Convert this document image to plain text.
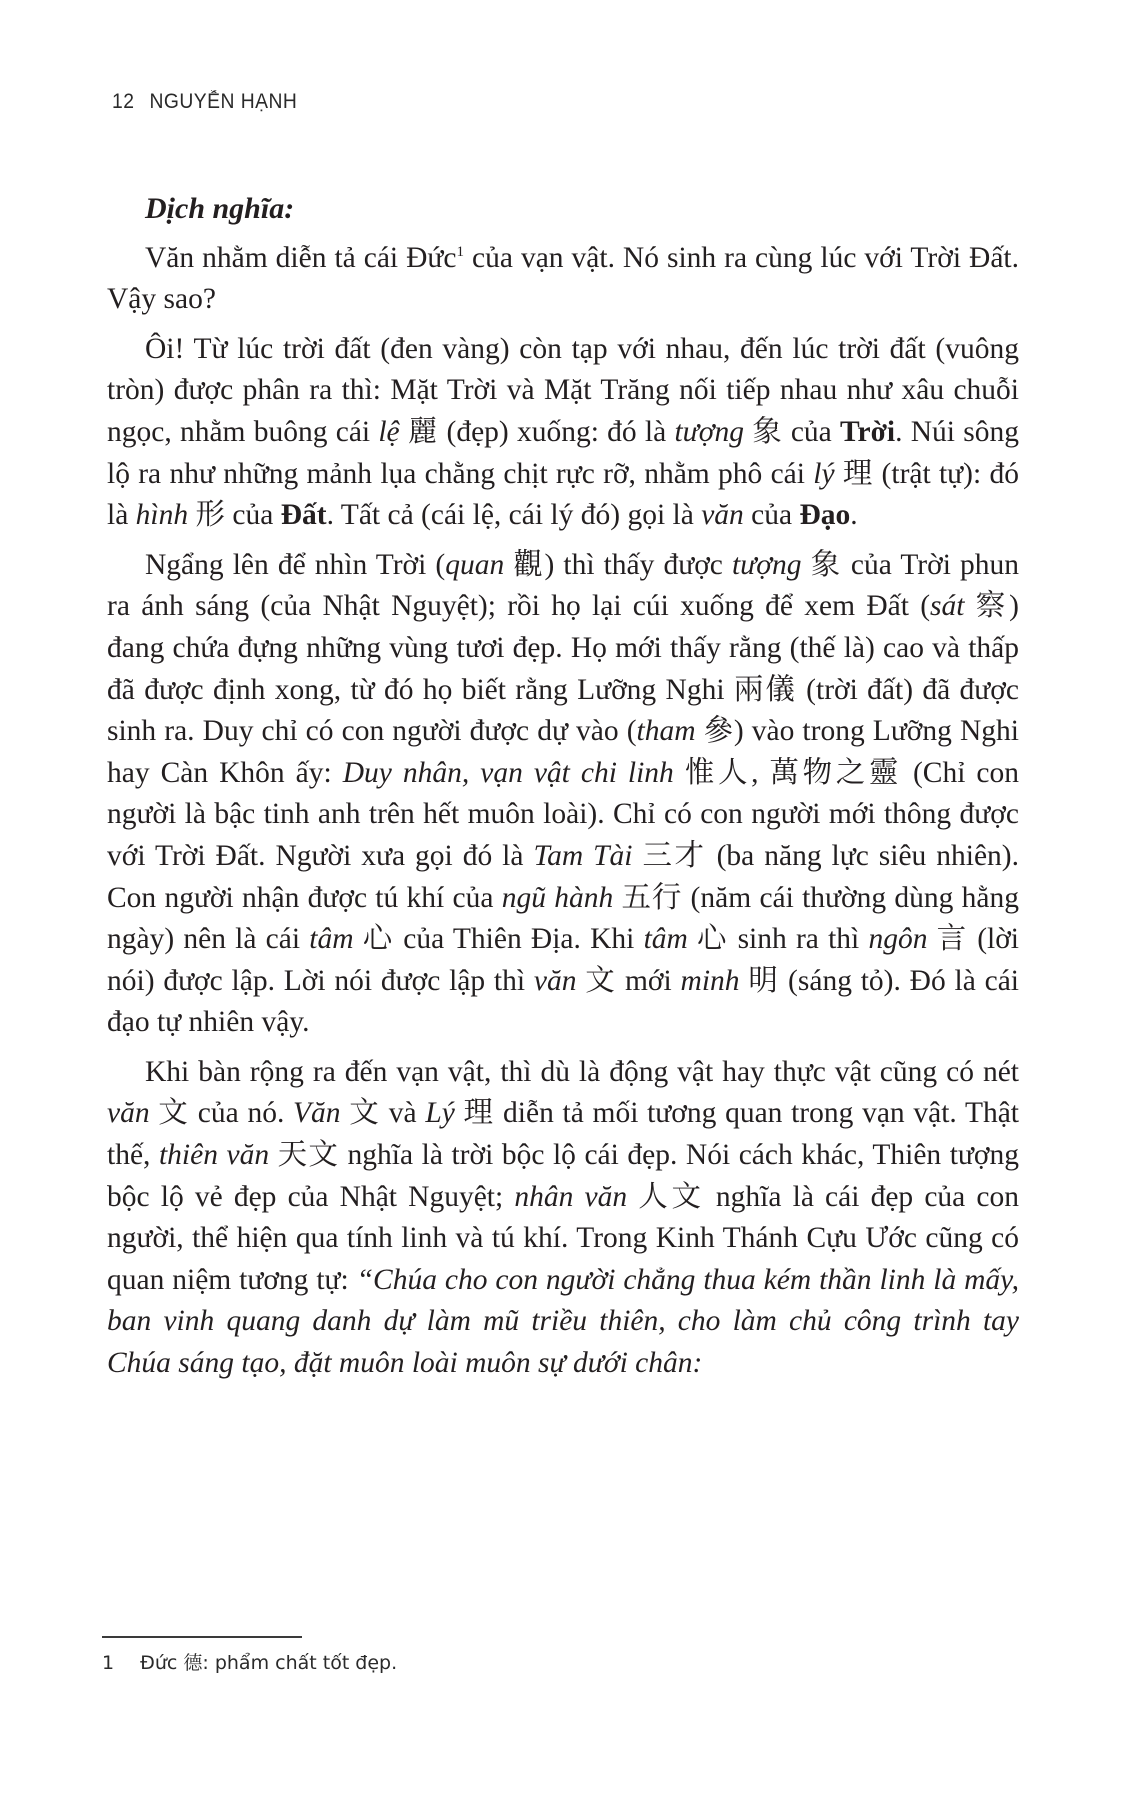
12 NGUYỄN HẠNH
Dịch nghĩa:

Văn nhằm diễn tả cái Đức$^1$ của vạn vật. Nó sinh ra cùng lúc với Trời Đất. Vậy sao?

Ôi! Từ lúc trời đất (đen vàng) còn tạp với nhau, đến lúc trời đất (vuông tròn) được phân ra thì: Mặt Trời và Mặt Trăng nối tiếp nhau như xâu chuỗi ngọc, nhằm buông cái lệ 麗 (đẹp) xuống: đó là tượng 象 của Trời. Núi sông lộ ra như những mảnh lụa chằng chịt rực rỡ, nhằm phô cái lý 理 (trật tự): đó là hình 形 của Đất. Tất cả (cái lệ, cái lý đó) gọi là văn của Đạo.

Ngẩng lên để nhìn Trời (quan 觀) thì thấy được tượng 象 của Trời phun ra ánh sáng (của Nhật Nguyệt); rồi họ lại cúi xuống để xem Đất (sát 察) đang chứa đựng những vùng tươi đẹp. Họ mới thấy rằng (thế là) cao và thấp đã được định xong, từ đó họ biết rằng Lưỡng Nghi 兩儀 (trời đất) đã được sinh ra. Duy chỉ có con người được dự vào (tham 參) vào trong Lưỡng Nghi hay Càn Khôn ấy: Duy nhân, vạn vật chi linh 惟人, 萬物之靈 (Chỉ con người là bậc tinh anh trên hết muôn loài). Chỉ có con người mới thông được với Trời Đất. Người xưa gọi đó là Tam Tài 三才 (ba năng lực siêu nhiên). Con người nhận được tú khí của ngũ hành 五行 (năm cái thường dùng hằng ngày) nên là cái tâm 心 của Thiên Địa. Khi tâm 心 sinh ra thì ngôn 言 (lời nói) được lập. Lời nói được lập thì văn 文 mới minh 明 (sáng tỏ). Đó là cái đạo tự nhiên vậy.

Khi bàn rộng ra đến vạn vật, thì dù là động vật hay thực vật cũng có nét văn 文 của nó. Văn 文 và Lý 理 diễn tả mối tương quan trong vạn vật. Thật thế, thiên văn 天文 nghĩa là trời bộc lộ cái đẹp. Nói cách khác, Thiên tượng bộc lộ vẻ đẹp của Nhật Nguyệt; nhân văn 人文 nghĩa là cái đẹp của con người, thể hiện qua tính linh và tú khí. Trong Kinh Thánh Cựu Ước cũng có quan niệm tương tự: “Chúa cho con người chẳng thua kém thần linh là mấy, ban vinh quang danh dự làm mũ triều thiên, cho làm chủ công trình tay Chúa sáng tạo, đặt muôn loài muôn sự dưới chân:

1 Đức 德: phẩm chất tốt đẹp.
